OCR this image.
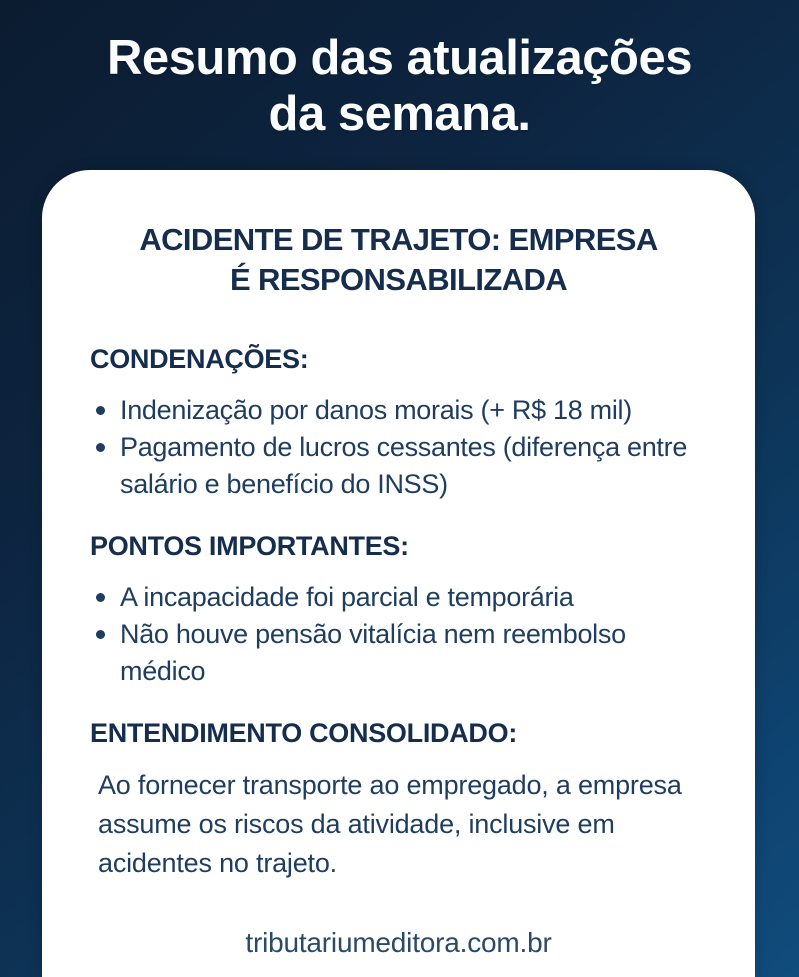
Resumo das atualizações
da semana.
ACIDENTE DE TRAJETO: EMPRESA
É RESPONSABILIZADA
CONDENAÇÕES:
Indenização por danos morais (+ R$ 18 mil)
Pagamento de lucros cessantes (diferença entre salário e benefício do INSS)
PONTOS IMPORTANTES:
A incapacidade foi parcial e temporária
Não houve pensão vitalícia nem reembolso médico
ENTENDIMENTO CONSOLIDADO:

Ao fornecer transporte ao empregado, a empresa assume os riscos da atividade, inclusive em acidentes no trajeto.

tributariumeditora.com.br
